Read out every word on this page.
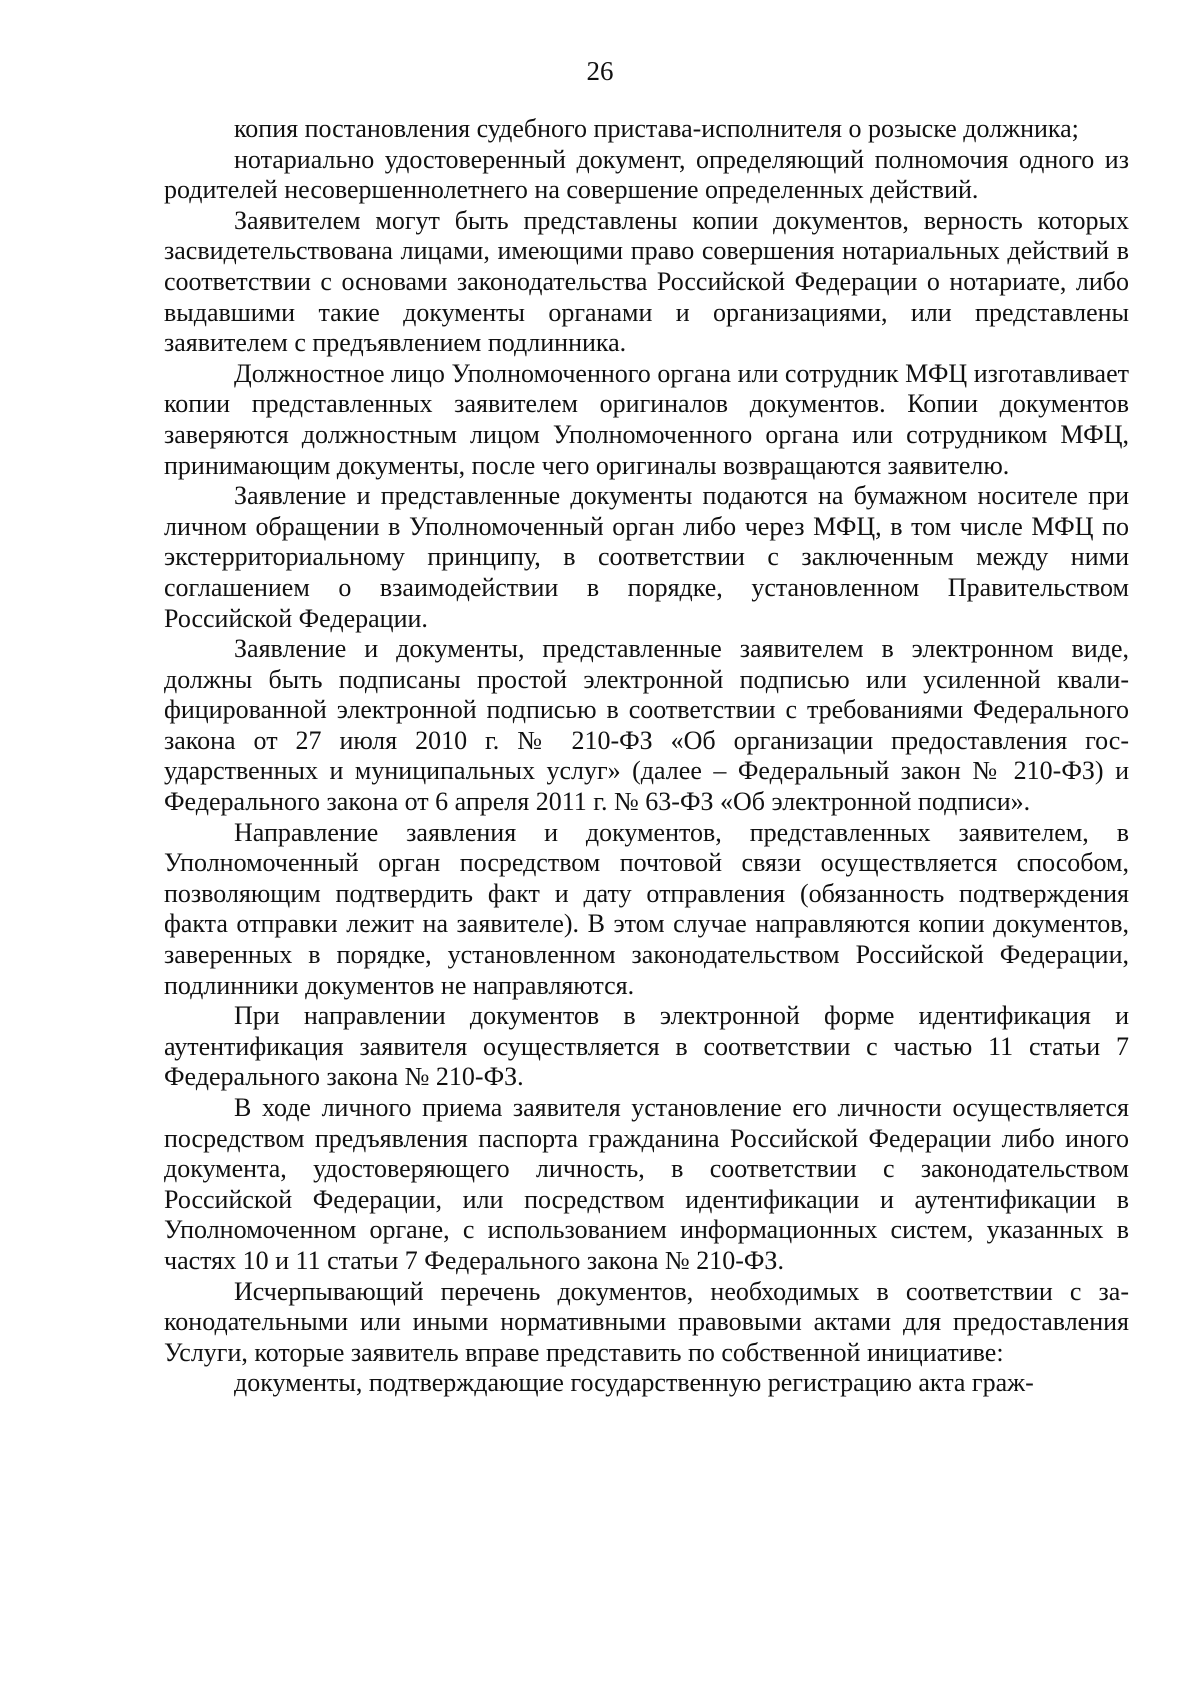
26

копия постановления судебного пристава-исполнителя о розыске должника;

нотариально удостоверенный документ, определяющий полномочия одного из родителей несовершеннолетнего на совершение определенных действий.

Заявителем могут быть представлены копии документов, верность которых засвидетельствована лицами, имеющими право совершения нотариальных действий в соответствии с основами законодательства Российской Федерации о нотариате, либо выдавшими такие документы органами и организациями, или представлены заявителем с предъявлением подлинника.

Должностное лицо Уполномоченного органа или сотрудник МФЦ изготавливает копии представленных заявителем оригиналов документов. Копии документов заверяются должностным лицом Уполномоченного органа или сотрудником МФЦ, принимающим документы, после чего оригиналы возвращаются заявителю.

Заявление и представленные документы подаются на бумажном носителе при личном обращении в Уполномоченный орган либо через МФЦ, в том числе МФЦ по экстерриториальному принципу, в соответствии с заключенным между ними соглашением о взаимодействии в порядке, установленном Правительством Российской Федерации.

Заявление и документы, представленные заявителем в электронном виде, должны быть подписаны простой электронной подписью или усиленной квалифицированной электронной подписью в соответствии с требованиями Федерального закона от 27 июля 2010 г. № 210-ФЗ «Об организации предоставления государственных и муниципальных услуг» (далее – Федеральный закон № 210-ФЗ) и Федерального закона от 6 апреля 2011 г. № 63-ФЗ «Об электронной подписи».

Направление заявления и документов, представленных заявителем, в Уполномоченный орган посредством почтовой связи осуществляется способом, позволяющим подтвердить факт и дату отправления (обязанность подтверждения факта отправки лежит на заявителе). В этом случае направляются копии документов, заверенных в порядке, установленном законодательством Российской Федерации, подлинники документов не направляются.

При направлении документов в электронной форме идентификация и аутентификация заявителя осуществляется в соответствии с частью 11 статьи 7 Федерального закона № 210-ФЗ.

В ходе личного приема заявителя установление его личности осуществляется посредством предъявления паспорта гражданина Российской Федерации либо иного документа, удостоверяющего личность, в соответствии с законодательством Российской Федерации, или посредством идентификации и аутентификации в Уполномоченном органе, с использованием информационных систем, указанных в частях 10 и 11 статьи 7 Федерального закона № 210-ФЗ.

Исчерпывающий перечень документов, необходимых в соответствии с законодательными или иными нормативными правовыми актами для предоставления Услуги, которые заявитель вправе представить по собственной инициативе:

документы, подтверждающие государственную регистрацию акта граж-
